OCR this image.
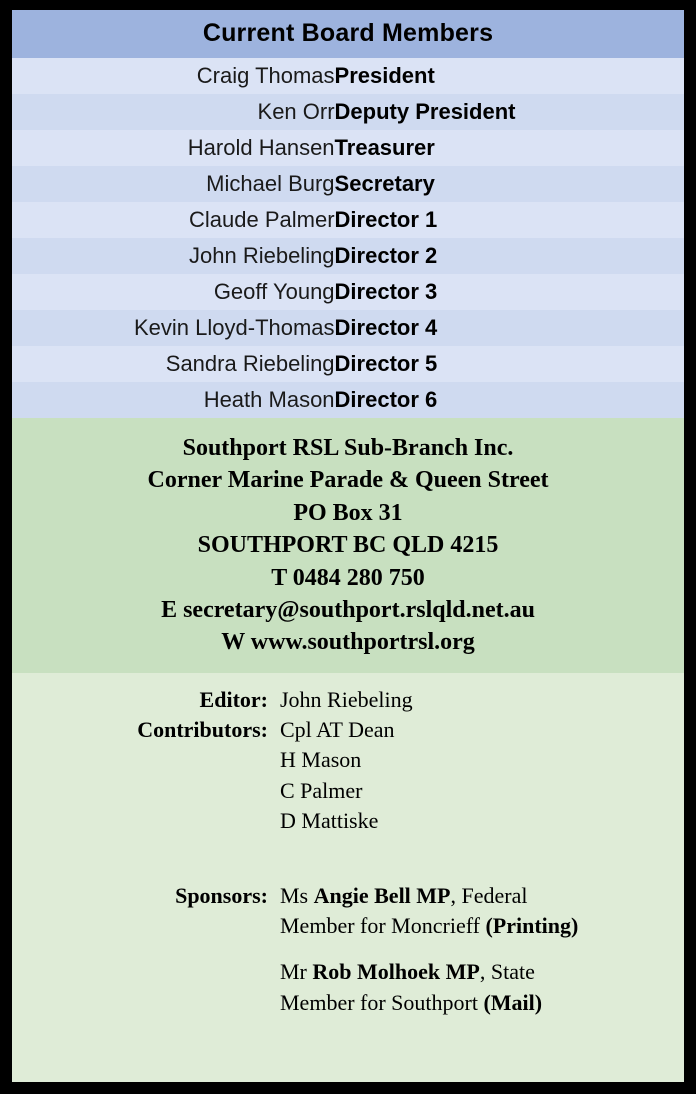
Current Board Members
Craig Thomas	President
Ken Orr	Deputy President
Harold Hansen	Treasurer
Michael Burg	Secretary
Claude Palmer	Director 1
John Riebeling	Director 2
Geoff Young	Director 3
Kevin Lloyd-Thomas	Director 4
Sandra Riebeling	Director 5
Heath Mason	Director 6
Southport RSL Sub-Branch Inc.
Corner Marine Parade & Queen Street
PO Box 31
SOUTHPORT BC QLD 4215
T 0484 280 750
E secretary@southport.rslqld.net.au
W www.southportrsl.org
Editor: John Riebeling
Contributors: Cpl AT Dean
H Mason
C Palmer
D Mattiske
Sponsors: Ms Angie Bell MP, Federal
Member for Moncrieff (Printing)
Mr Rob Molhoek MP, State
Member for Southport (Mail)
